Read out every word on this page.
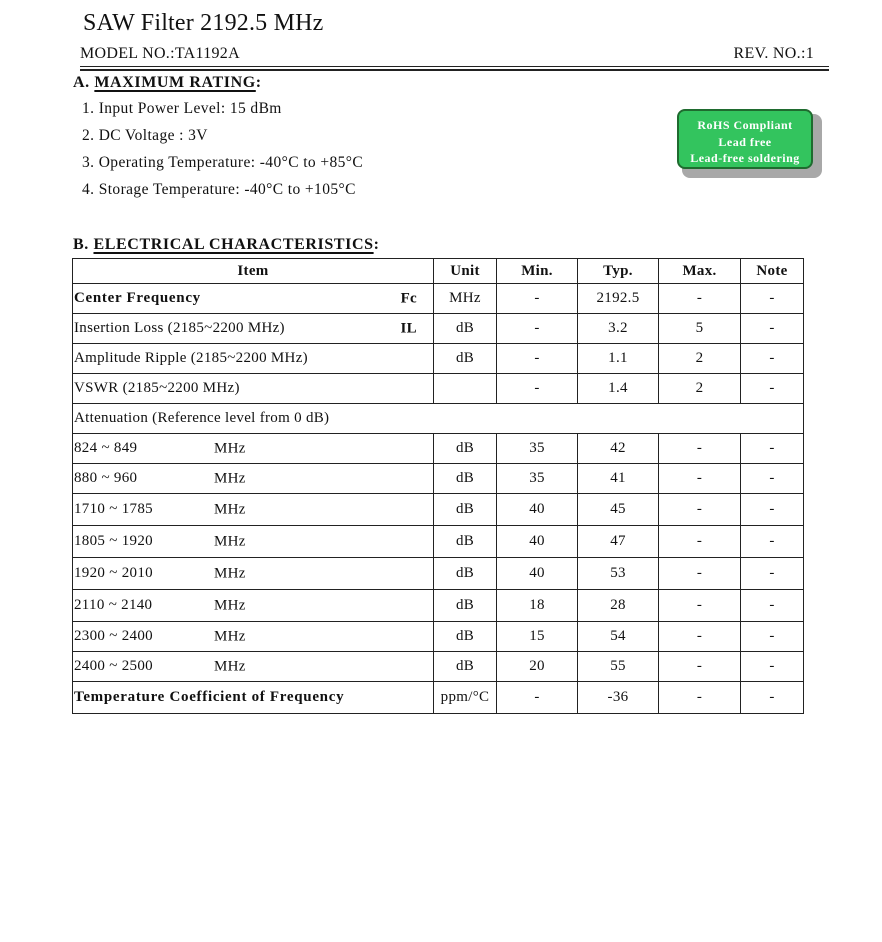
SAW Filter 2192.5 MHz
MODEL NO.:TA1192A	REV. NO.:1
A. MAXIMUM RATING:
1. Input Power Level: 15 dBm
2. DC Voltage : 3V
3. Operating Temperature: -40°C to +85°C
4. Storage Temperature: -40°C to +105°C
RoHS Compliant
Lead free
Lead-free soldering
B. ELECTRICAL CHARACTERISTICS:
Item	Unit	Min.	Typ.	Max.	Note
Center Frequency Fc	MHz	-	2192.5	-	-
Insertion Loss (2185~2200 MHz) IL	dB	-	3.2	5	-
Amplitude Ripple (2185~2200 MHz)	dB	-	1.1	2	-
VSWR (2185~2200 MHz)		-	1.4	2	-
Attenuation (Reference level from 0 dB)					
824 ~ 849 MHz	dB	35	42	-	-
880 ~ 960 MHz	dB	35	41	-	-
1710 ~ 1785 MHz	dB	40	45	-	-
1805 ~ 1920 MHz	dB	40	47	-	-
1920 ~ 2010 MHz	dB	40	53	-	-
2110 ~ 2140 MHz	dB	18	28	-	-
2300 ~ 2400 MHz	dB	15	54	-	-
2400 ~ 2500 MHz	dB	20	55	-	-
Temperature Coefficient of Frequency	ppm/°C	-	-36	-	-
